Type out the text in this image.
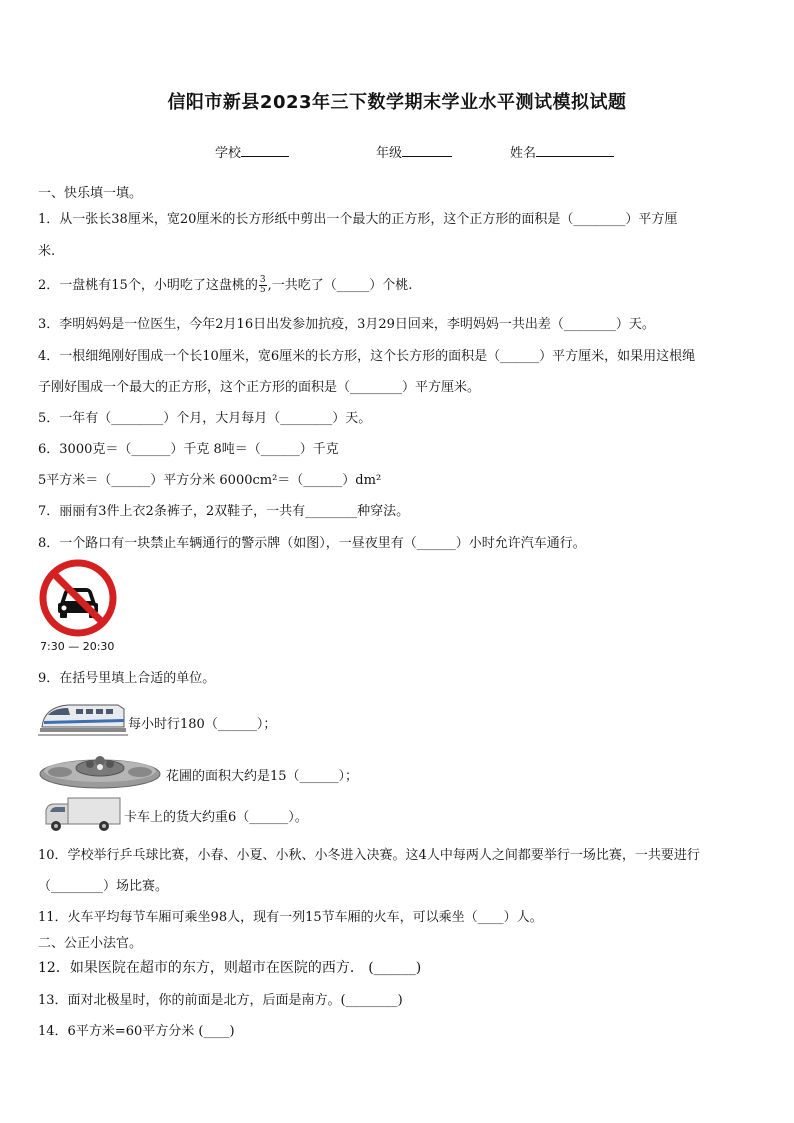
信阳市新县2023年三下数学期末学业水平测试模拟试题
学校	年级	姓名
一、快乐填一填。
1．从一张长38厘米，宽20厘米的长方形纸中剪出一个最大的正方形，这个正方形的面积是（________）平方厘
米.
2．一盘桃有15个，小明吃了这盘桃的 $\frac{3}{5}$ ,一共吃了（_____）个桃.
3．李明妈妈是一位医生，今年2月16日出发参加抗疫，3月29日回来，李明妈妈一共出差（________）天。
4．一根细绳刚好围成一个长10厘米，宽6厘米的长方形，这个长方形的面积是（______）平方厘米，如果用这根绳
子刚好围成一个最大的正方形，这个正方形的面积是（________）平方厘米。
5．一年有（________）个月，大月每月（________）天。
6．3000克＝（______）千克 8吨＝（______）千克
5平方米＝（______）平方分米 6000cm²＝（______）dm²
7．丽丽有3件上衣2条裤子，2双鞋子，一共有________种穿法。
8．一个路口有一块禁止车辆通行的警示牌（如图），一昼夜里有（______）小时允许汽车通行。
7:30 — 20:30
9．在括号里填上合适的单位。
每小时行180（______）；
花圃的面积大约是15（______）；
卡车上的货大约重6（______）。
10．学校举行乒乓球比赛，小春、小夏、小秋、小冬进入决赛。这4人中每两人之间都要举行一场比赛，一共要进行
（________）场比赛。
11．火车平均每节车厢可乘坐98人，现有一列15节车厢的火车，可以乘坐（____）人。
二、公正小法官。
12．如果医院在超市的东方，则超市在医院的西方． (______)
13．面对北极星时，你的前面是北方，后面是南方。(________)
14．6平方米=60平方分米 (____)
